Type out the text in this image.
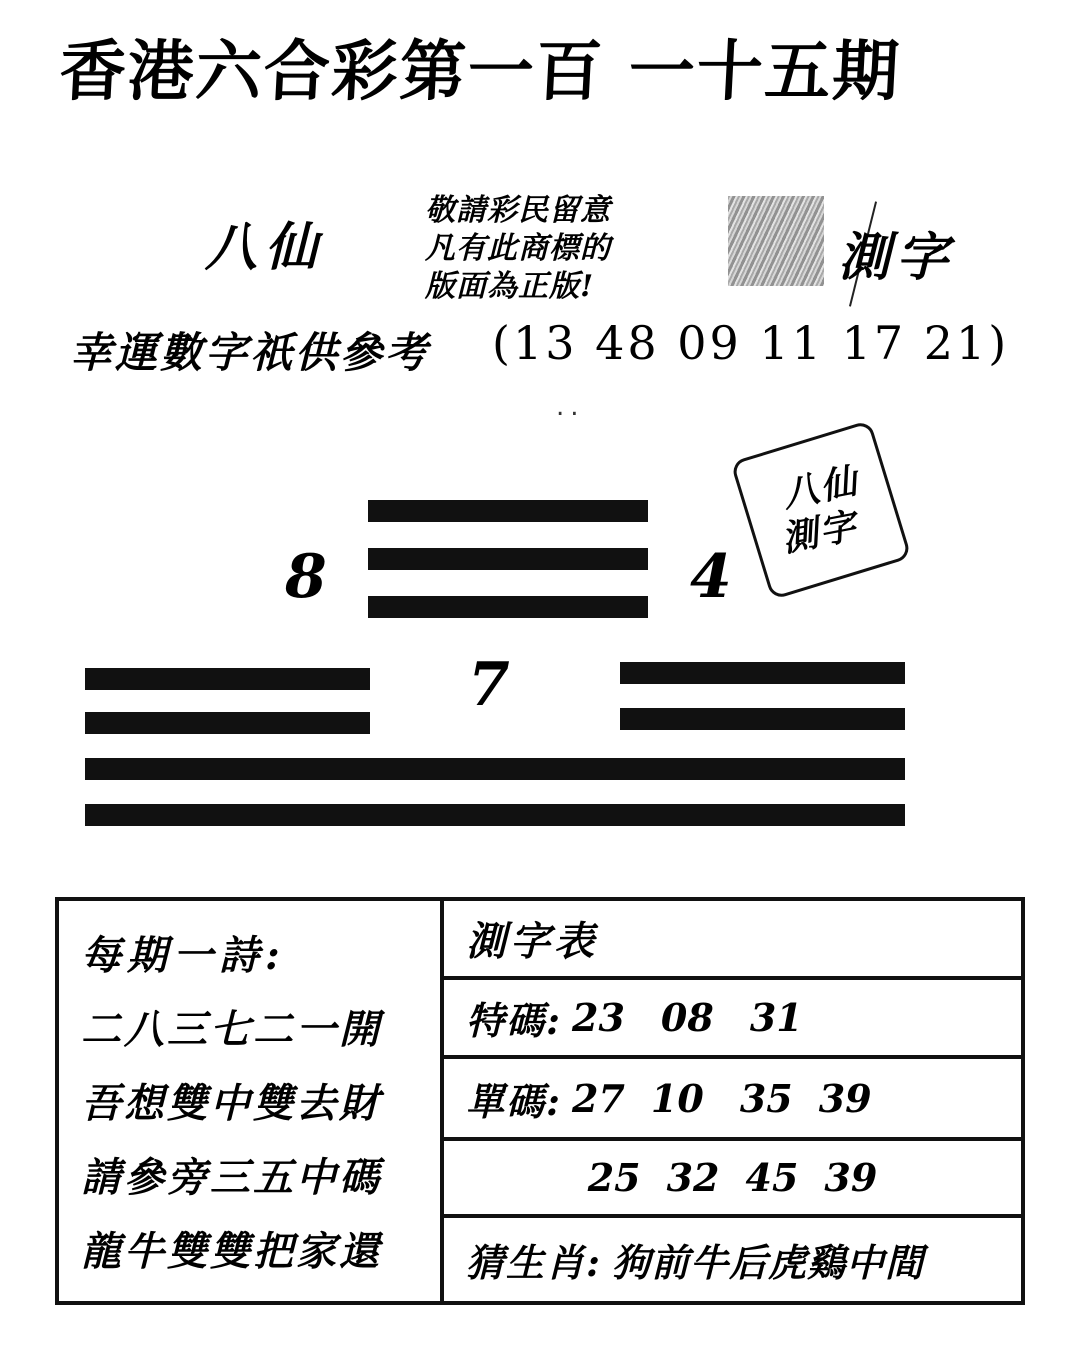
香港六合彩第一百 一十五期
八仙
敬請彩民留意
凡有此商標的
版面為正版!	測字
幸運數字祇供參考 (13 48 09 11 17 21)
..
8	4
7
八仙
測字
每期一詩:
二八三七二一開
吾想雙中雙去財
請參旁三五中碼
龍牛雙雙把家還
測字表
特碼: 23 08 31
單碼: 27 10 35 39
25 32 45 39
猜生肖: 狗前牛后虎鷄中間
